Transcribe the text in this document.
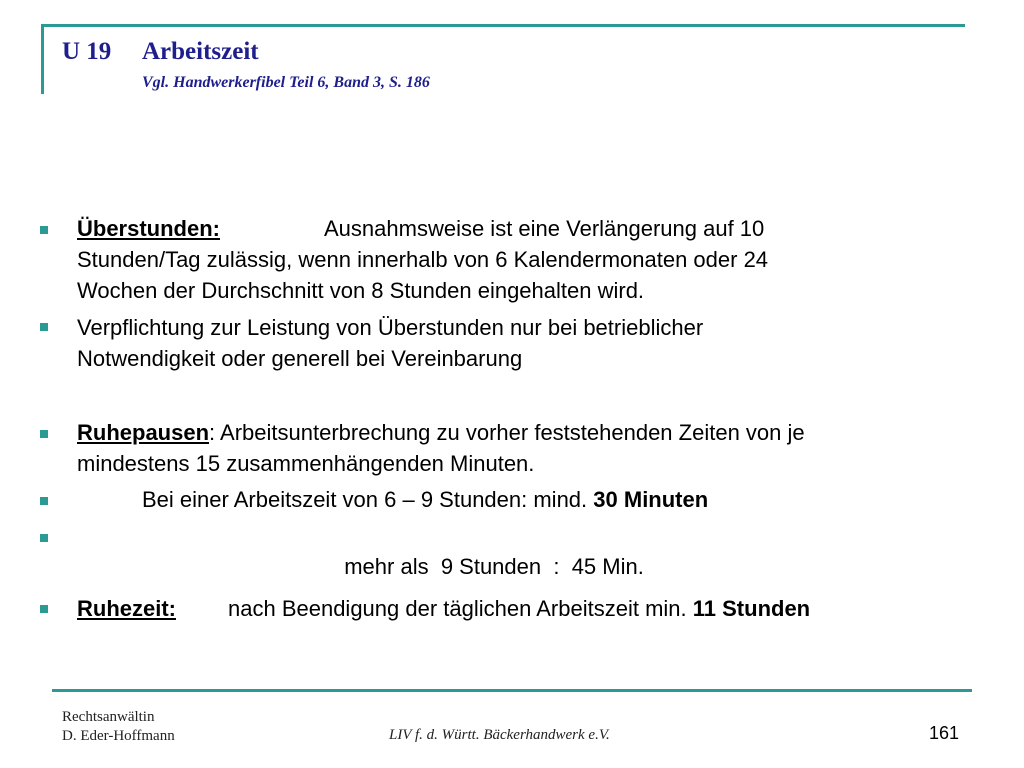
U 19 Arbeitszeit
Vgl. Handwerkerfibel Teil 6, Band 3, S. 186
Überstunden:	Ausnahmsweise ist eine Verlängerung auf 10
Stunden/Tag zulässig, wenn innerhalb von 6 Kalendermonaten oder 24
Wochen der Durchschnitt von 8 Stunden eingehalten wird.
Verpflichtung zur Leistung von Überstunden nur bei betrieblicher
Notwendigkeit oder generell bei Vereinbarung
Ruhepausen: Arbeitsunterbrechung zu vorher feststehenden Zeiten von je
mindestens 15 zusammenhängenden Minuten.
Bei einer Arbeitszeit von 6 – 9 Stunden: mind. 30 Minuten

mehr als  9 Stunden  :  45 Min.

Ruhezeit: nach Beendigung der täglichen Arbeitszeit min. 11 Stunden
Rechtsanwältin
D. Eder-Hoffmann	LIV f. d. Württ. Bäckerhandwerk e.V.	161
